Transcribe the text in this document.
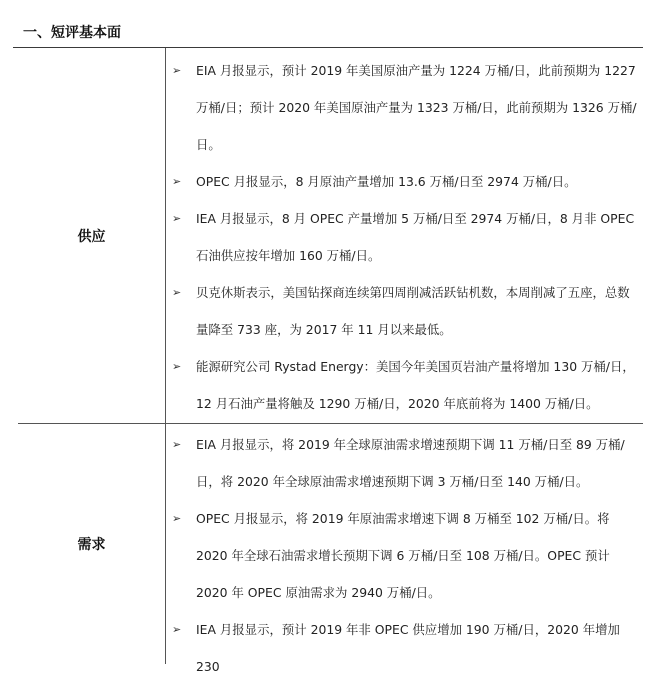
一、短评基本面
供应
➢ EIA 月报显示，预计 2019 年美国原油产量为 1224 万桶/日，此前预期为 1227 万桶/日；预计 2020 年美国原油产量为 1323 万桶/日，此前预期为 1326 万桶/日。
➢ OPEC 月报显示，8 月原油产量增加 13.6 万桶/日至 2974 万桶/日。
➢ IEA 月报显示，8 月 OPEC 产量增加 5 万桶/日至 2974 万桶/日，8 月非 OPEC 石油供应按年增加 160 万桶/日。
➢ 贝克休斯表示，美国钻探商连续第四周削减活跃钻机数，本周削减了五座，总数量降至 733 座，为 2017 年 11 月以来最低。
➢ 能源研究公司 Rystad Energy：美国今年美国页岩油产量将增加 130 万桶/日，12 月石油产量将触及 1290 万桶/日，2020 年底前将为 1400 万桶/日。
需求
➢ EIA 月报显示，将 2019 年全球原油需求增速预期下调 11 万桶/日至 89 万桶/日，将 2020 年全球原油需求增速预期下调 3 万桶/日至 140 万桶/日。
➢ OPEC 月报显示，将 2019 年原油需求增速下调 8 万桶至 102 万桶/日。将 2020 年全球石油需求增长预期下调 6 万桶/日至 108 万桶/日。OPEC 预计 2020 年 OPEC 原油需求为 2940 万桶/日。
➢ IEA 月报显示，预计 2019 年非 OPEC 供应增加 190 万桶/日，2020 年增加 230
